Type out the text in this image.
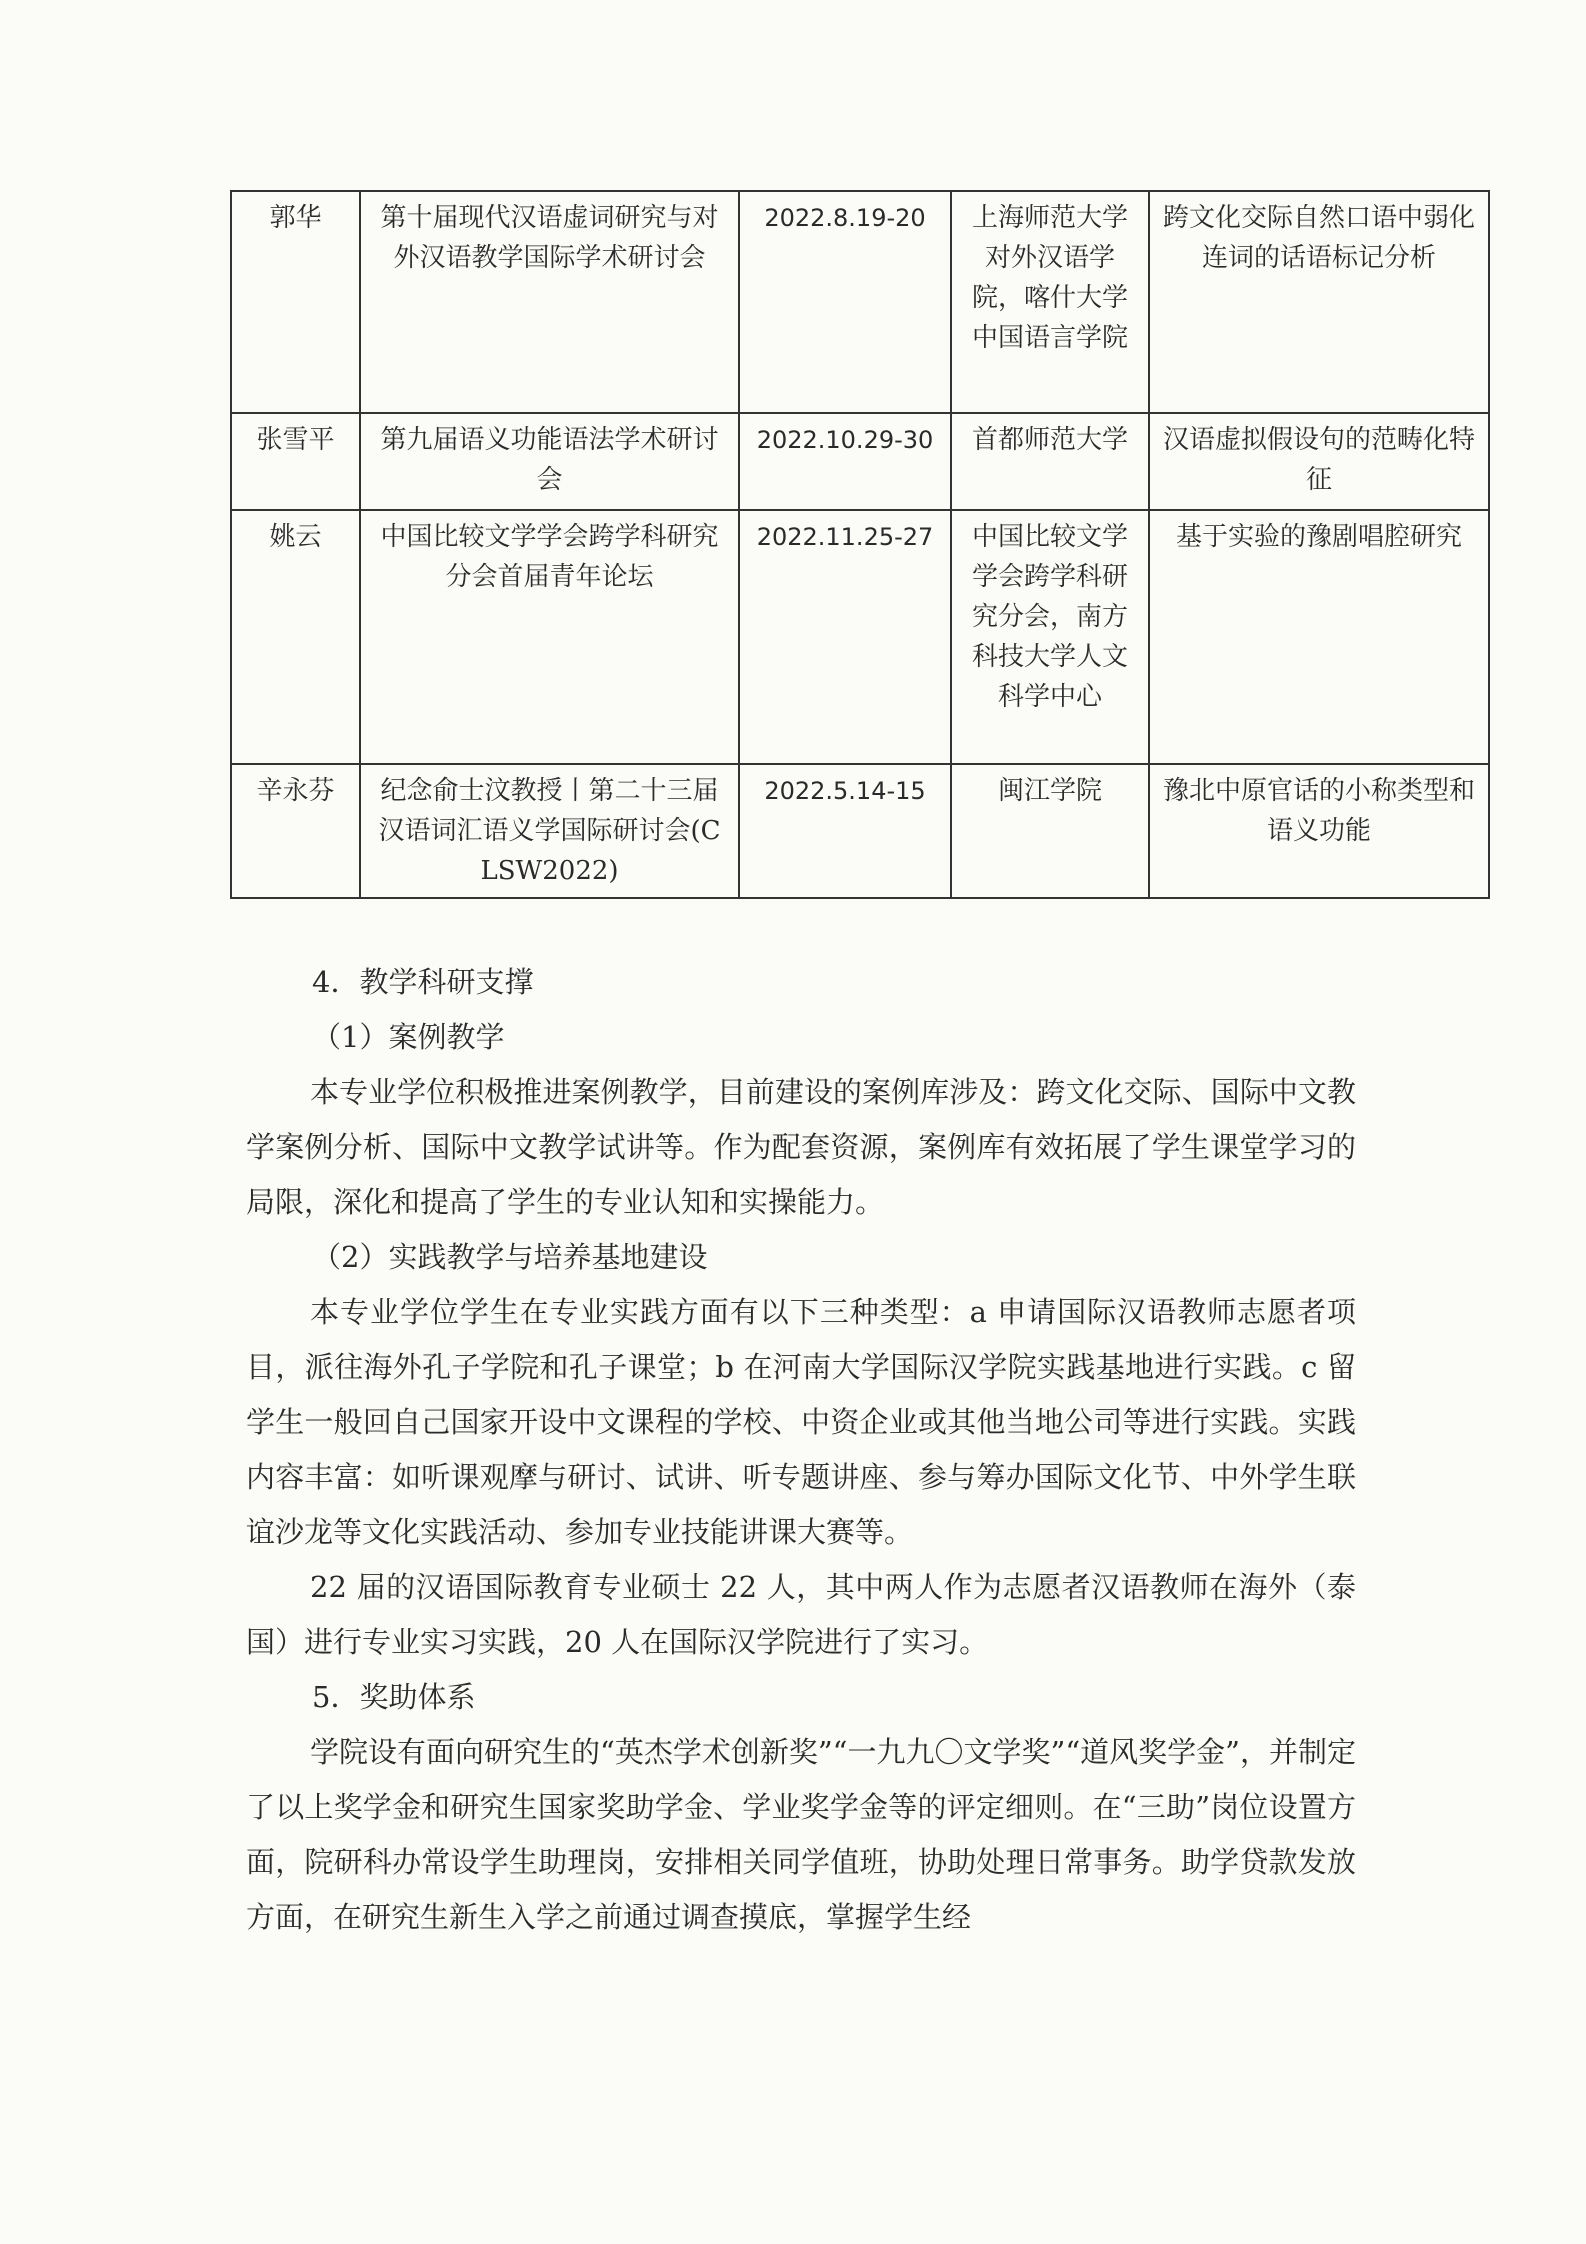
郭华	第十届现代汉语虚词研究与对外汉语教学国际学术研讨会	2022.8.19-20	上海师范大学对外汉语学院，喀什大学中国语言学院	跨文化交际自然口语中弱化连词的话语标记分析
张雪平	第九届语义功能语法学术研讨会	2022.10.29-30	首都师范大学	汉语虚拟假设句的范畴化特征
姚云	中国比较文学学会跨学科研究分会首届青年论坛	2022.11.25-27	中国比较文学学会跨学科研究分会，南方科技大学人文科学中心	基于实验的豫剧唱腔研究
辛永芬	纪念俞士汶教授丨第二十三届汉语词汇语义学国际研讨会(CLSW2022)	2022.5.14-15	闽江学院	豫北中原官话的小称类型和语义功能

4．教学科研支撑

（1）案例教学

本专业学位积极推进案例教学，目前建设的案例库涉及：跨文化交际、国际中文教学案例分析、国际中文教学试讲等。作为配套资源，案例库有效拓展了学生课堂学习的局限，深化和提高了学生的专业认知和实操能力。

（2）实践教学与培养基地建设

本专业学位学生在专业实践方面有以下三种类型：a 申请国际汉语教师志愿者项目，派往海外孔子学院和孔子课堂；b 在河南大学国际汉学院实践基地进行实践。c 留学生一般回自己国家开设中文课程的学校、中资企业或其他当地公司等进行实践。实践内容丰富：如听课观摩与研讨、试讲、听专题讲座、参与筹办国际文化节、中外学生联谊沙龙等文化实践活动、参加专业技能讲课大赛等。

22 届的汉语国际教育专业硕士 22 人，其中两人作为志愿者汉语教师在海外（泰国）进行专业实习实践，20 人在国际汉学院进行了实习。

5．奖助体系

学院设有面向研究生的“英杰学术创新奖”“一九九〇文学奖”“道风奖学金”，并制定了以上奖学金和研究生国家奖助学金、学业奖学金等的评定细则。在“三助”岗位设置方面，院研科办常设学生助理岗，安排相关同学值班，协助处理日常事务。助学贷款发放方面，在研究生新生入学之前通过调查摸底，掌握学生经
